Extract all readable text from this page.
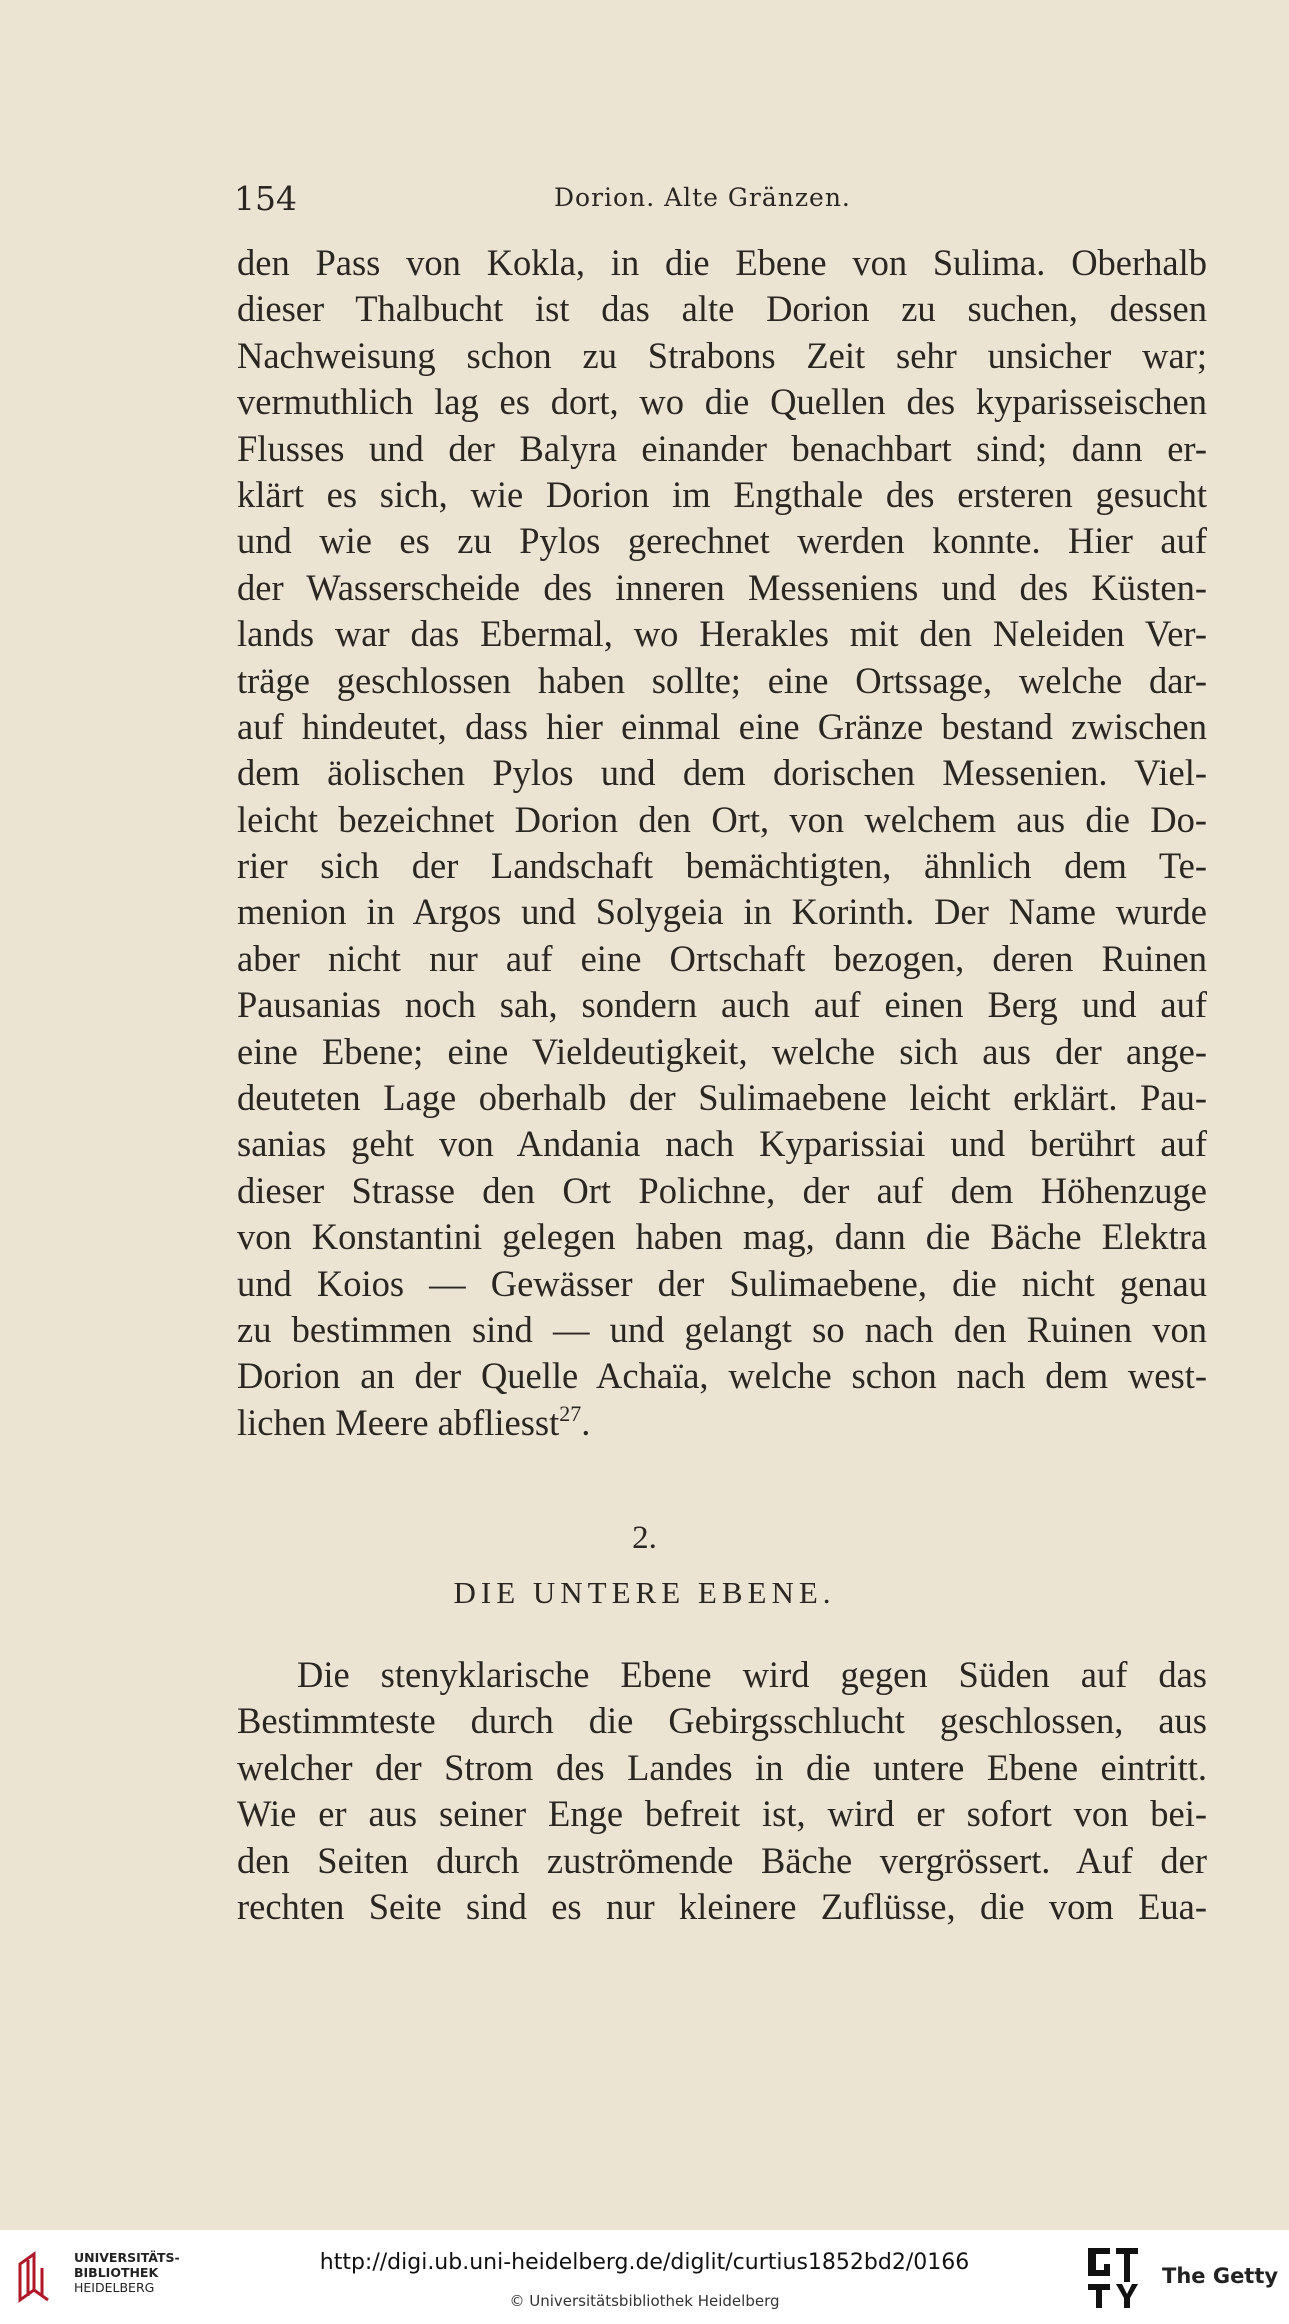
154	Dorion. Alte Gränzen.
den Pass von Kokla, in die Ebene von Sulima. Oberhalb
dieser Thalbucht ist das alte Dorion zu suchen, dessen
Nachweisung schon zu Strabons Zeit sehr unsicher war;
vermuthlich lag es dort, wo die Quellen des kyparisseischen
Flusses und der Balyra einander benachbart sind; dann er-
klärt es sich, wie Dorion im Engthale des ersteren gesucht
und wie es zu Pylos gerechnet werden konnte. Hier auf
der Wasserscheide des inneren Messeniens und des Küsten-
lands war das Ebermal, wo Herakles mit den Neleiden Ver-
träge geschlossen haben sollte; eine Ortssage, welche dar-
auf hindeutet, dass hier einmal eine Gränze bestand zwischen
dem äolischen Pylos und dem dorischen Messenien. Viel-
leicht bezeichnet Dorion den Ort, von welchem aus die Do-
rier sich der Landschaft bemächtigten, ähnlich dem Te-
menion in Argos und Solygeia in Korinth. Der Name wurde
aber nicht nur auf eine Ortschaft bezogen, deren Ruinen
Pausanias noch sah, sondern auch auf einen Berg und auf
eine Ebene; eine Vieldeutigkeit, welche sich aus der ange-
deuteten Lage oberhalb der Sulimaebene leicht erklärt. Pau-
sanias geht von Andania nach Kyparissiai und berührt auf
dieser Strasse den Ort Polichne, der auf dem Höhenzuge
von Konstantini gelegen haben mag, dann die Bäche Elektra
und Koios — Gewässer der Sulimaebene, die nicht genau
zu bestimmen sind — und gelangt so nach den Ruinen von
Dorion an der Quelle Achaïa, welche schon nach dem west-
lichen Meere abfliesst$^{27}$.
2.
DIE UNTERE EBENE.
Die stenyklarische Ebene wird gegen Süden auf das
Bestimmteste durch die Gebirgsschlucht geschlossen, aus
welcher der Strom des Landes in die untere Ebene eintritt.
Wie er aus seiner Enge befreit ist, wird er sofort von bei-
den Seiten durch zuströmende Bäche vergrössert. Auf der
rechten Seite sind es nur kleinere Zuflüsse, die vom Eua-
UNIVERSITÄTS-
BIBLIOTHEK
HEIDELBERG
http://digi.ub.uni-heidelberg.de/diglit/curtius1852bd2/0166
© Universitätsbibliothek Heidelberg
The Getty
